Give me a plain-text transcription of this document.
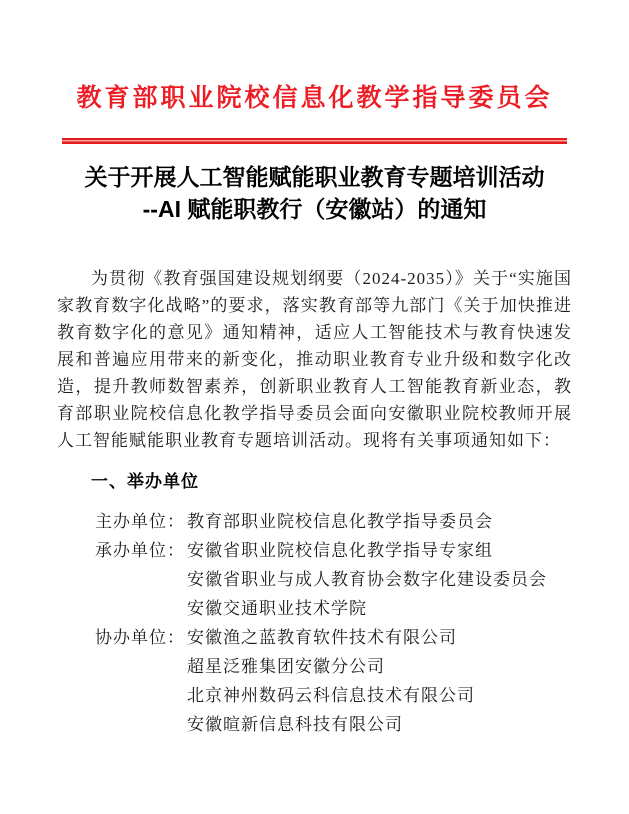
教育部职业院校信息化教学指导委员会
关于开展人工智能赋能职业教育专题培训活动
--AI 赋能职教行（安徽站）的通知

为贯彻《教育强国建设规划纲要（2024-2035）》关于“实施国家教育数字化战略”的要求，落实教育部等九部门《关于加快推进教育数字化的意见》通知精神，适应人工智能技术与教育快速发展和普遍应用带来的新变化，推动职业教育专业升级和数字化改造，提升教师数智素养，创新职业教育人工智能教育新业态，教育部职业院校信息化教学指导委员会面向安徽职业院校教师开展人工智能赋能职业教育专题培训活动。现将有关事项通知如下：

一、举办单位
主办单位： 教育部职业院校信息化教学指导委员会
承办单位： 安徽省职业院校信息化教学指导专家组
安徽省职业与成人教育协会数字化建设委员会
安徽交通职业技术学院
协办单位： 安徽渔之蓝教育软件技术有限公司
超星泛雅集团安徽分公司
北京神州数码云科信息技术有限公司
安徽暄新信息科技有限公司
